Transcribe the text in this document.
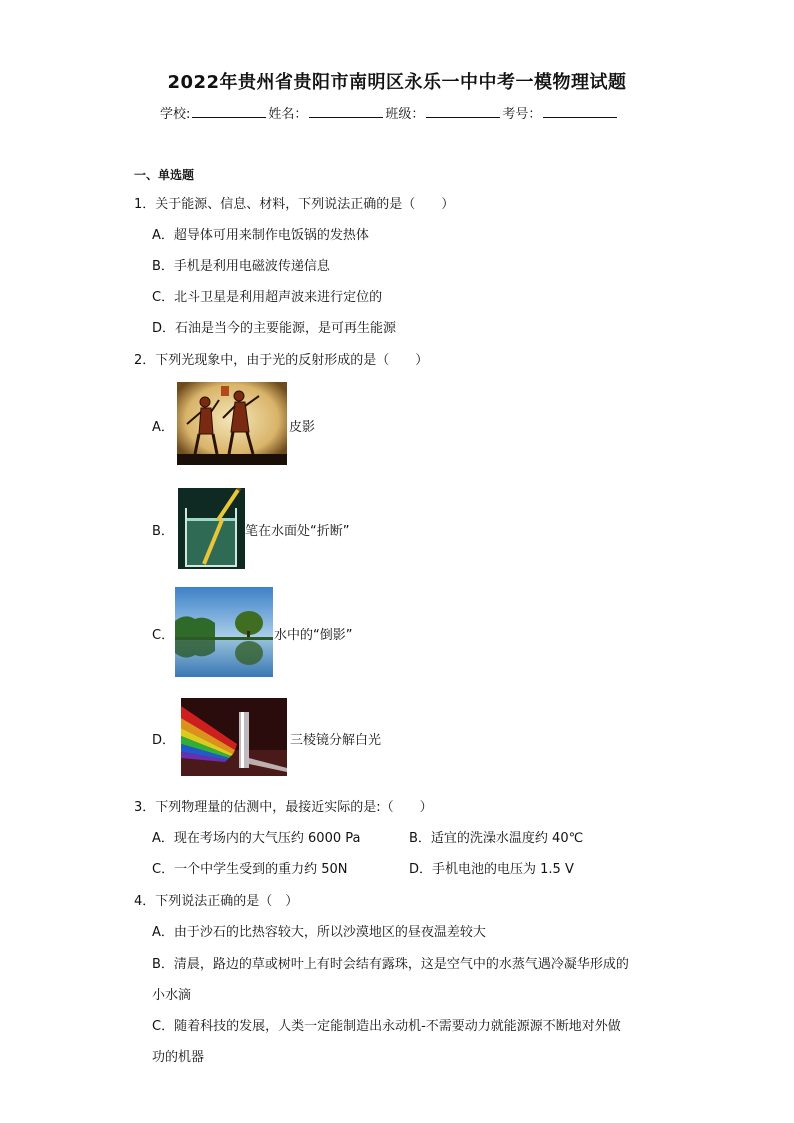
2022年贵州省贵阳市南明区永乐一中中考一模物理试题
学校:	姓名：	班级：	考号：
一、单选题
1．关于能源、信息、材料，下列说法正确的是（　　）
A．超导体可用来制作电饭锅的发热体
B．手机是利用电磁波传递信息
C．北斗卫星是利用超声波来进行定位的
D．石油是当今的主要能源，是可再生能源
2．下列光现象中，由于光的反射形成的是（　　）
A．	皮影
B．	笔在水面处“折断”
C．	水中的“倒影”
D．	三棱镜分解白光
3．下列物理量的估测中，最接近实际的是:（　　）
A．现在考场内的大气压约 6000 Pa	B．适宜的洗澡水温度约 40℃
C．一个中学生受到的重力约 50N	D．手机电池的电压为 1.5 V
4．下列说法正确的是（　）
A．由于沙石的比热容较大，所以沙漠地区的昼夜温差较大
B．清晨，路边的草或树叶上有时会结有露珠，这是空气中的水蒸气遇冷凝华形成的
小水滴
C．随着科技的发展，人类一定能制造出永动机-不需要动力就能源源不断地对外做
功的机器
